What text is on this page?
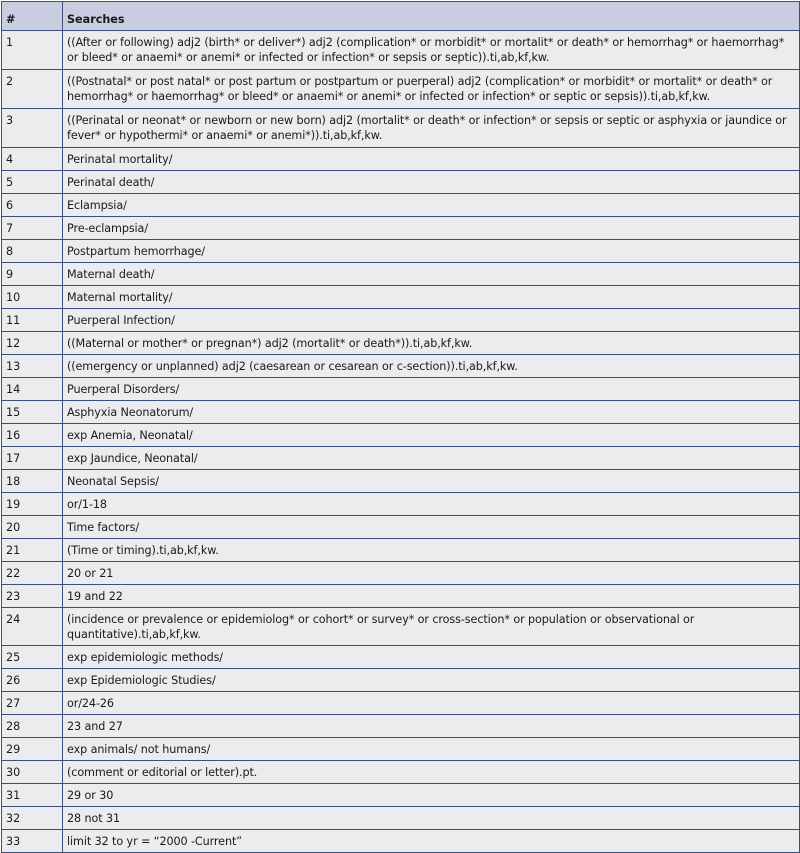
#	Searches
1	((After or following) adj2 (birth* or deliver*) adj2 (complication* or morbidit* or mortalit* or death* or hemorrhag* or haemorrhag* or bleed* or anaemi* or anemi* or infected or infection* or sepsis or septic)).ti,ab,kf,kw.
2	((Postnatal* or post natal* or post partum or postpartum or puerperal) adj2 (complication* or morbidit* or mortalit* or death* or hemorrhag* or haemorrhag* or bleed* or anaemi* or anemi* or infected or infection* or septic or sepsis)).ti,ab,kf,kw.
3	((Perinatal or neonat* or newborn or new born) adj2 (mortalit* or death* or infection* or sepsis or septic or asphyxia or jaundice or fever* or hypothermi* or anaemi* or anemi*)).ti,ab,kf,kw.
4	Perinatal mortality/
5	Perinatal death/
6	Eclampsia/
7	Pre-eclampsia/
8	Postpartum hemorrhage/
9	Maternal death/
10	Maternal mortality/
11	Puerperal Infection/
12	((Maternal or mother* or pregnan*) adj2 (mortalit* or death*)).ti,ab,kf,kw.
13	((emergency or unplanned) adj2 (caesarean or cesarean or c-section)).ti,ab,kf,kw.
14	Puerperal Disorders/
15	Asphyxia Neonatorum/
16	exp Anemia, Neonatal/
17	exp Jaundice, Neonatal/
18	Neonatal Sepsis/
19	or/1-18
20	Time factors/
21	(Time or timing).ti,ab,kf,kw.
22	20 or 21
23	19 and 22
24	(incidence or prevalence or epidemiolog* or cohort* or survey* or cross-section* or population or observational or quantitative).ti,ab,kf,kw.
25	exp epidemiologic methods/
26	exp Epidemiologic Studies/
27	or/24-26
28	23 and 27
29	exp animals/ not humans/
30	(comment or editorial or letter).pt.
31	29 or 30
32	28 not 31
33	limit 32 to yr = “2000 -Current”
